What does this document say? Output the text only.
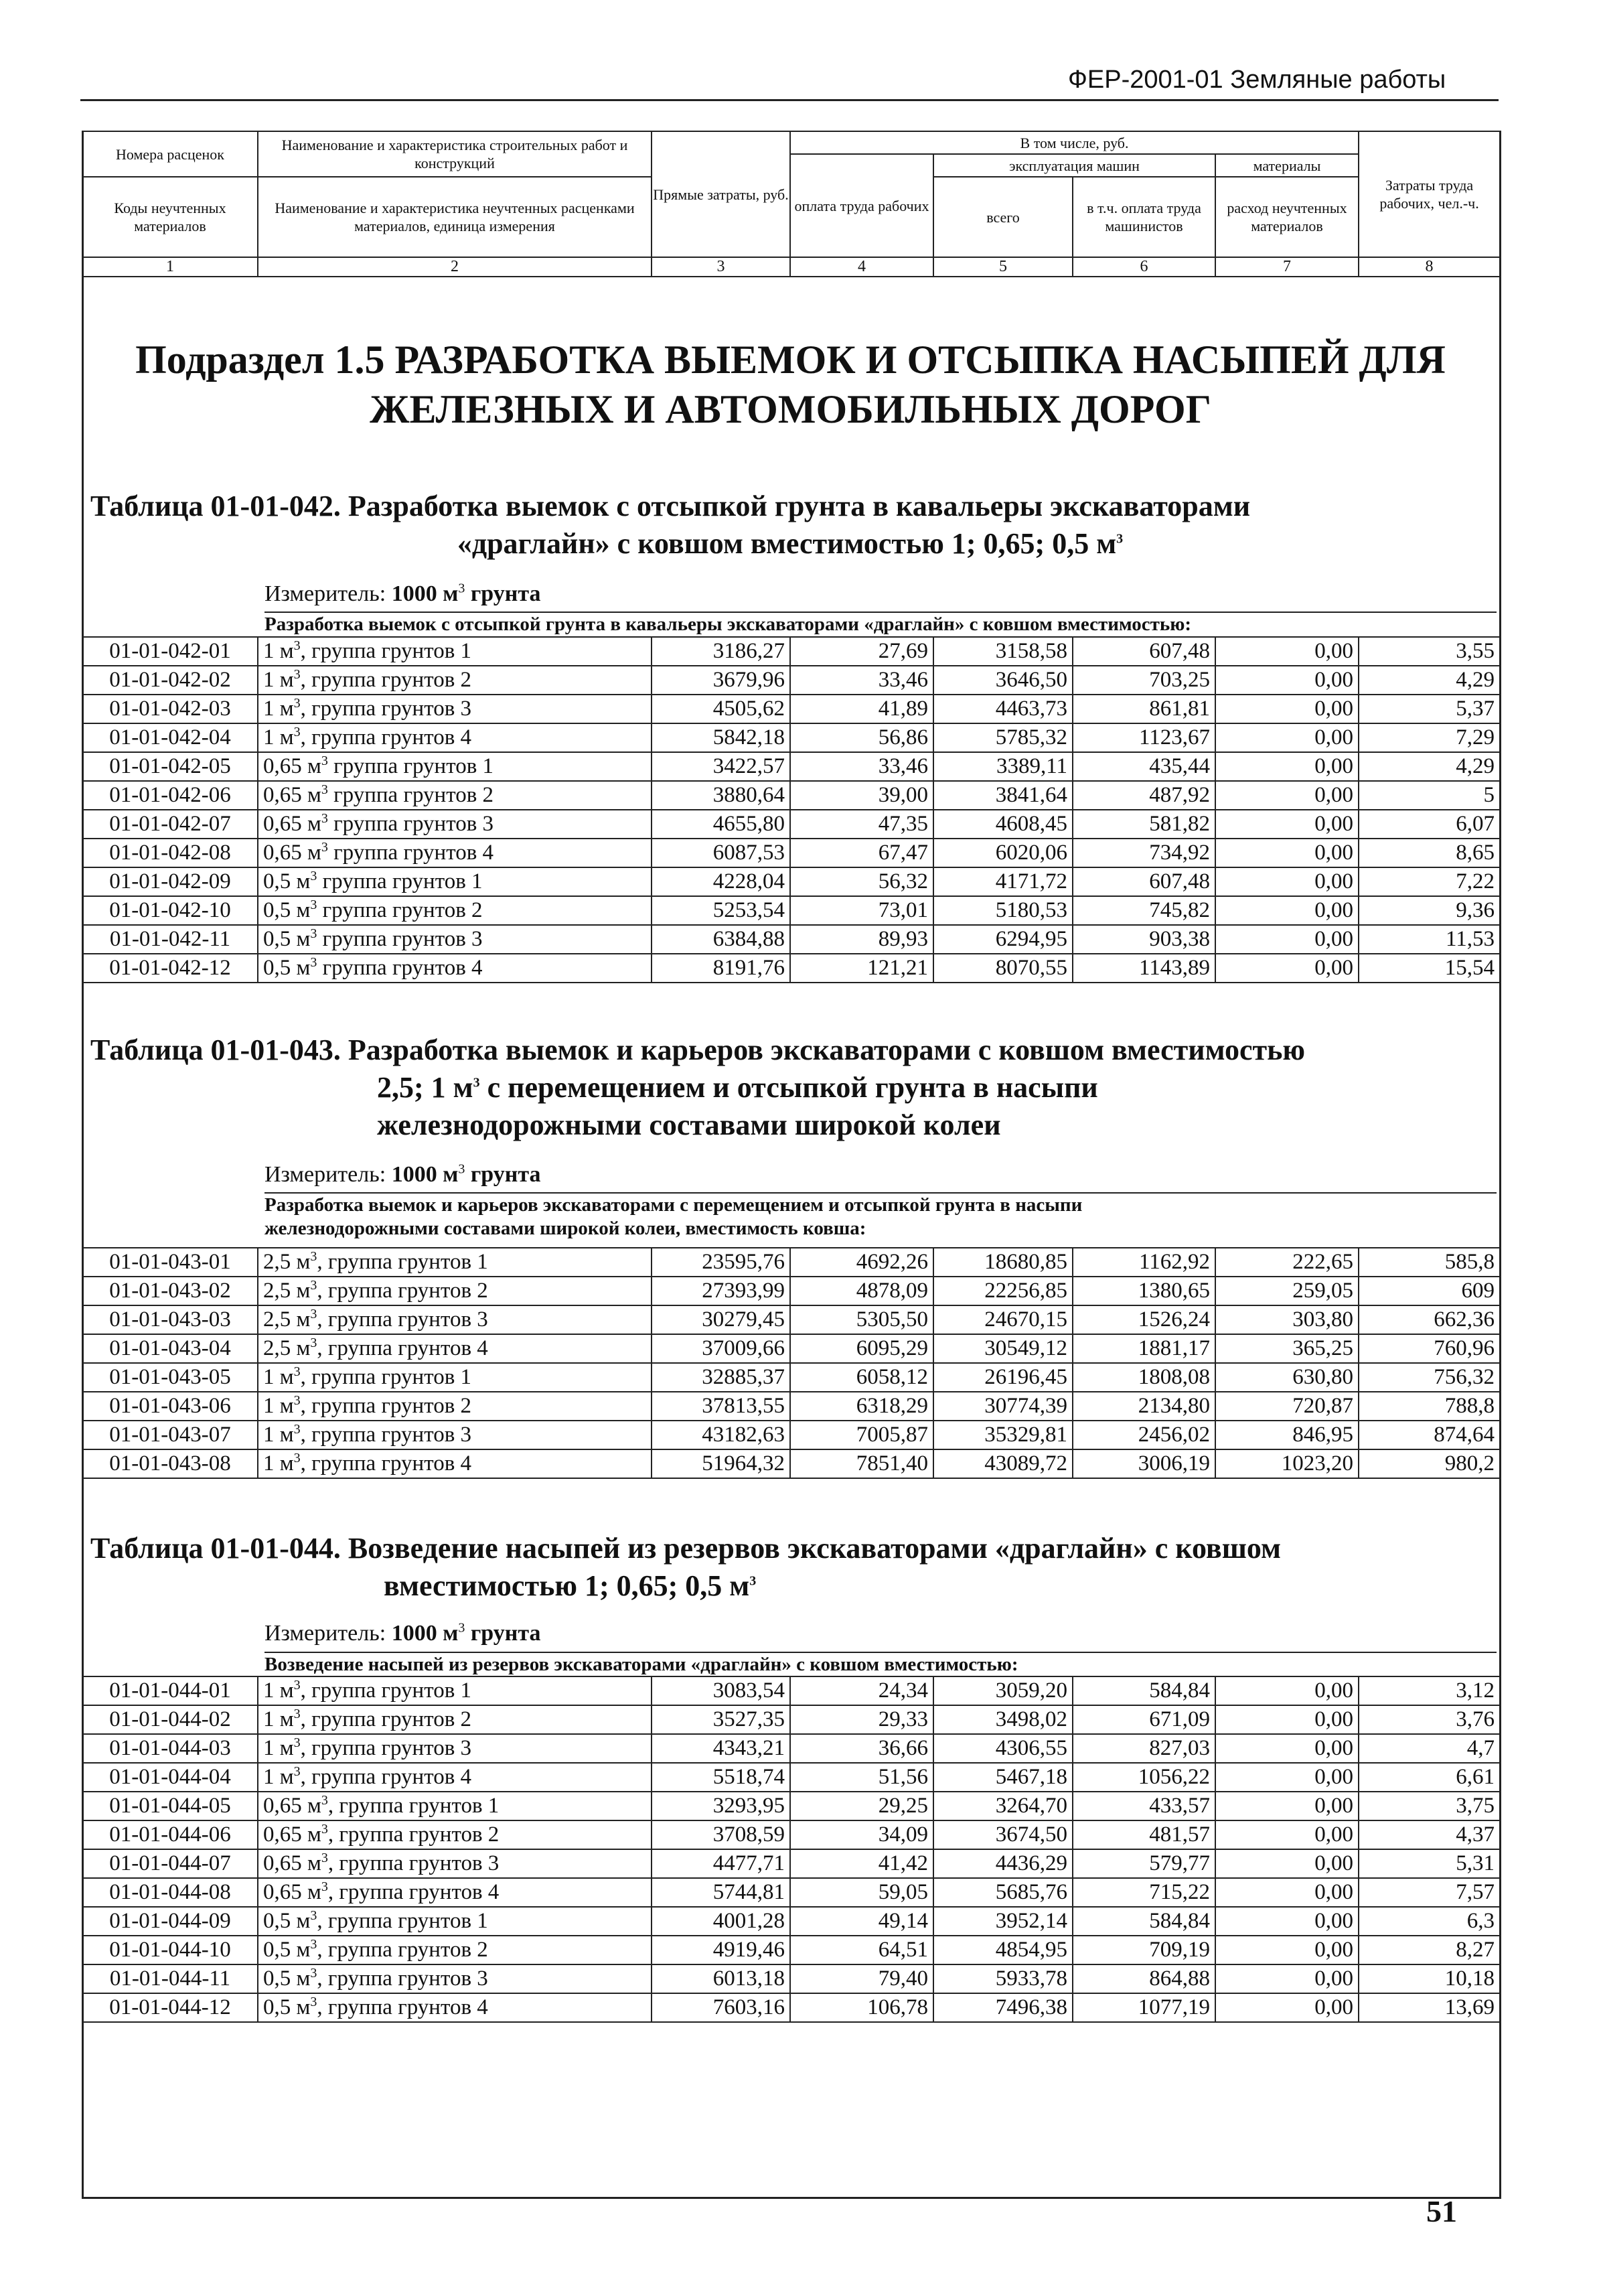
ФЕР-2001-01 Земляные работы
Номера расценок	Наименование и характеристика строительных работ и конструкций	Прямые затраты, руб.	В том числе, руб.				Затраты труда рабочих, чел.-ч.
			оплата труда рабочих	эксплуатация машин		материалы	
Коды неучтенных материалов	Наименование и характеристика неучтенных расценками материалов, единица измерения			всего	в т.ч. оплата труда машинистов	расход неучтенных материалов	

1	2	3	4	5	6	7	8
Подраздел 1.5 РАЗРАБОТКА ВЫЕМОК И ОТСЫПКА НАСЫПЕЙ ДЛЯ
ЖЕЛЕЗНЫХ И АВТОМОБИЛЬНЫХ ДОРОГ
Таблица 01-01-042. Разработка выемок с отсыпкой грунта в кавальеры экскаваторами
«драглайн» с ковшом вместимостью 1; 0,65; 0,5 $м^3$
Измеритель: 1000 $м^3$ грунта
Разработка выемок с отсыпкой грунта в кавальеры экскаваторами «драглайн» с ковшом вместимостью:
01-01-042-01	1 $м^3$, группа грунтов 1	3186,27	27,69	3158,58	607,48	0,00	3,55
01-01-042-02	1 $м^3$, группа грунтов 2	3679,96	33,46	3646,50	703,25	0,00	4,29
01-01-042-03	1 $м^3$, группа грунтов 3	4505,62	41,89	4463,73	861,81	0,00	5,37
01-01-042-04	1 $м^3$, группа грунтов 4	5842,18	56,86	5785,32	1123,67	0,00	7,29
01-01-042-05	0,65 $м^3$ группа грунтов 1	3422,57	33,46	3389,11	435,44	0,00	4,29
01-01-042-06	0,65 $м^3$ группа грунтов 2	3880,64	39,00	3841,64	487,92	0,00	5
01-01-042-07	0,65 $м^3$ группа грунтов 3	4655,80	47,35	4608,45	581,82	0,00	6,07
01-01-042-08	0,65 $м^3$ группа грунтов 4	6087,53	67,47	6020,06	734,92	0,00	8,65
01-01-042-09	0,5 $м^3$ группа грунтов 1	4228,04	56,32	4171,72	607,48	0,00	7,22
01-01-042-10	0,5 $м^3$ группа грунтов 2	5253,54	73,01	5180,53	745,82	0,00	9,36
01-01-042-11	0,5 $м^3$ группа грунтов 3	6384,88	89,93	6294,95	903,38	0,00	11,53
01-01-042-12	0,5 $м^3$ группа грунтов 4	8191,76	121,21	8070,55	1143,89	0,00	15,54
Таблица 01-01-043. Разработка выемок и карьеров экскаваторами с ковшом вместимостью
2,5; 1 $м^3$ с перемещением и отсыпкой грунта в насыпи
железнодорожными составами широкой колеи
Измеритель: 1000 $м^3$ грунта
Разработка выемок и карьеров экскаваторами с перемещением и отсыпкой грунта в насыпи
железнодорожными составами широкой колеи, вместимость ковша:
01-01-043-01	2,5 $м^3$, группа грунтов 1	23595,76	4692,26	18680,85	1162,92	222,65	585,8
01-01-043-02	2,5 $м^3$, группа грунтов 2	27393,99	4878,09	22256,85	1380,65	259,05	609
01-01-043-03	2,5 $м^3$, группа грунтов 3	30279,45	5305,50	24670,15	1526,24	303,80	662,36
01-01-043-04	2,5 $м^3$, группа грунтов 4	37009,66	6095,29	30549,12	1881,17	365,25	760,96
01-01-043-05	1 $м^3$, группа грунтов 1	32885,37	6058,12	26196,45	1808,08	630,80	756,32
01-01-043-06	1 $м^3$, группа грунтов 2	37813,55	6318,29	30774,39	2134,80	720,87	788,8
01-01-043-07	1 $м^3$, группа грунтов 3	43182,63	7005,87	35329,81	2456,02	846,95	874,64
01-01-043-08	1 $м^3$, группа грунтов 4	51964,32	7851,40	43089,72	3006,19	1023,20	980,2
Таблица 01-01-044. Возведение насыпей из резервов экскаваторами «драглайн» с ковшом
вместимостью 1; 0,65; 0,5 $м^3$
Измеритель: 1000 $м^3$ грунта
Возведение насыпей из резервов экскаваторами «драглайн» с ковшом вместимостью:
01-01-044-01	1 $м^3$, группа грунтов 1	3083,54	24,34	3059,20	584,84	0,00	3,12
01-01-044-02	1 $м^3$, группа грунтов 2	3527,35	29,33	3498,02	671,09	0,00	3,76
01-01-044-03	1 $м^3$, группа грунтов 3	4343,21	36,66	4306,55	827,03	0,00	4,7
01-01-044-04	1 $м^3$, группа грунтов 4	5518,74	51,56	5467,18	1056,22	0,00	6,61
01-01-044-05	0,65 $м^3$, группа грунтов 1	3293,95	29,25	3264,70	433,57	0,00	3,75
01-01-044-06	0,65 $м^3$, группа грунтов 2	3708,59	34,09	3674,50	481,57	0,00	4,37
01-01-044-07	0,65 $м^3$, группа грунтов 3	4477,71	41,42	4436,29	579,77	0,00	5,31
01-01-044-08	0,65 $м^3$, группа грунтов 4	5744,81	59,05	5685,76	715,22	0,00	7,57
01-01-044-09	0,5 $м^3$, группа грунтов 1	4001,28	49,14	3952,14	584,84	0,00	6,3
01-01-044-10	0,5 $м^3$, группа грунтов 2	4919,46	64,51	4854,95	709,19	0,00	8,27
01-01-044-11	0,5 $м^3$, группа грунтов 3	6013,18	79,40	5933,78	864,88	0,00	10,18
01-01-044-12	0,5 $м^3$, группа грунтов 4	7603,16	106,78	7496,38	1077,19	0,00	13,69
51
